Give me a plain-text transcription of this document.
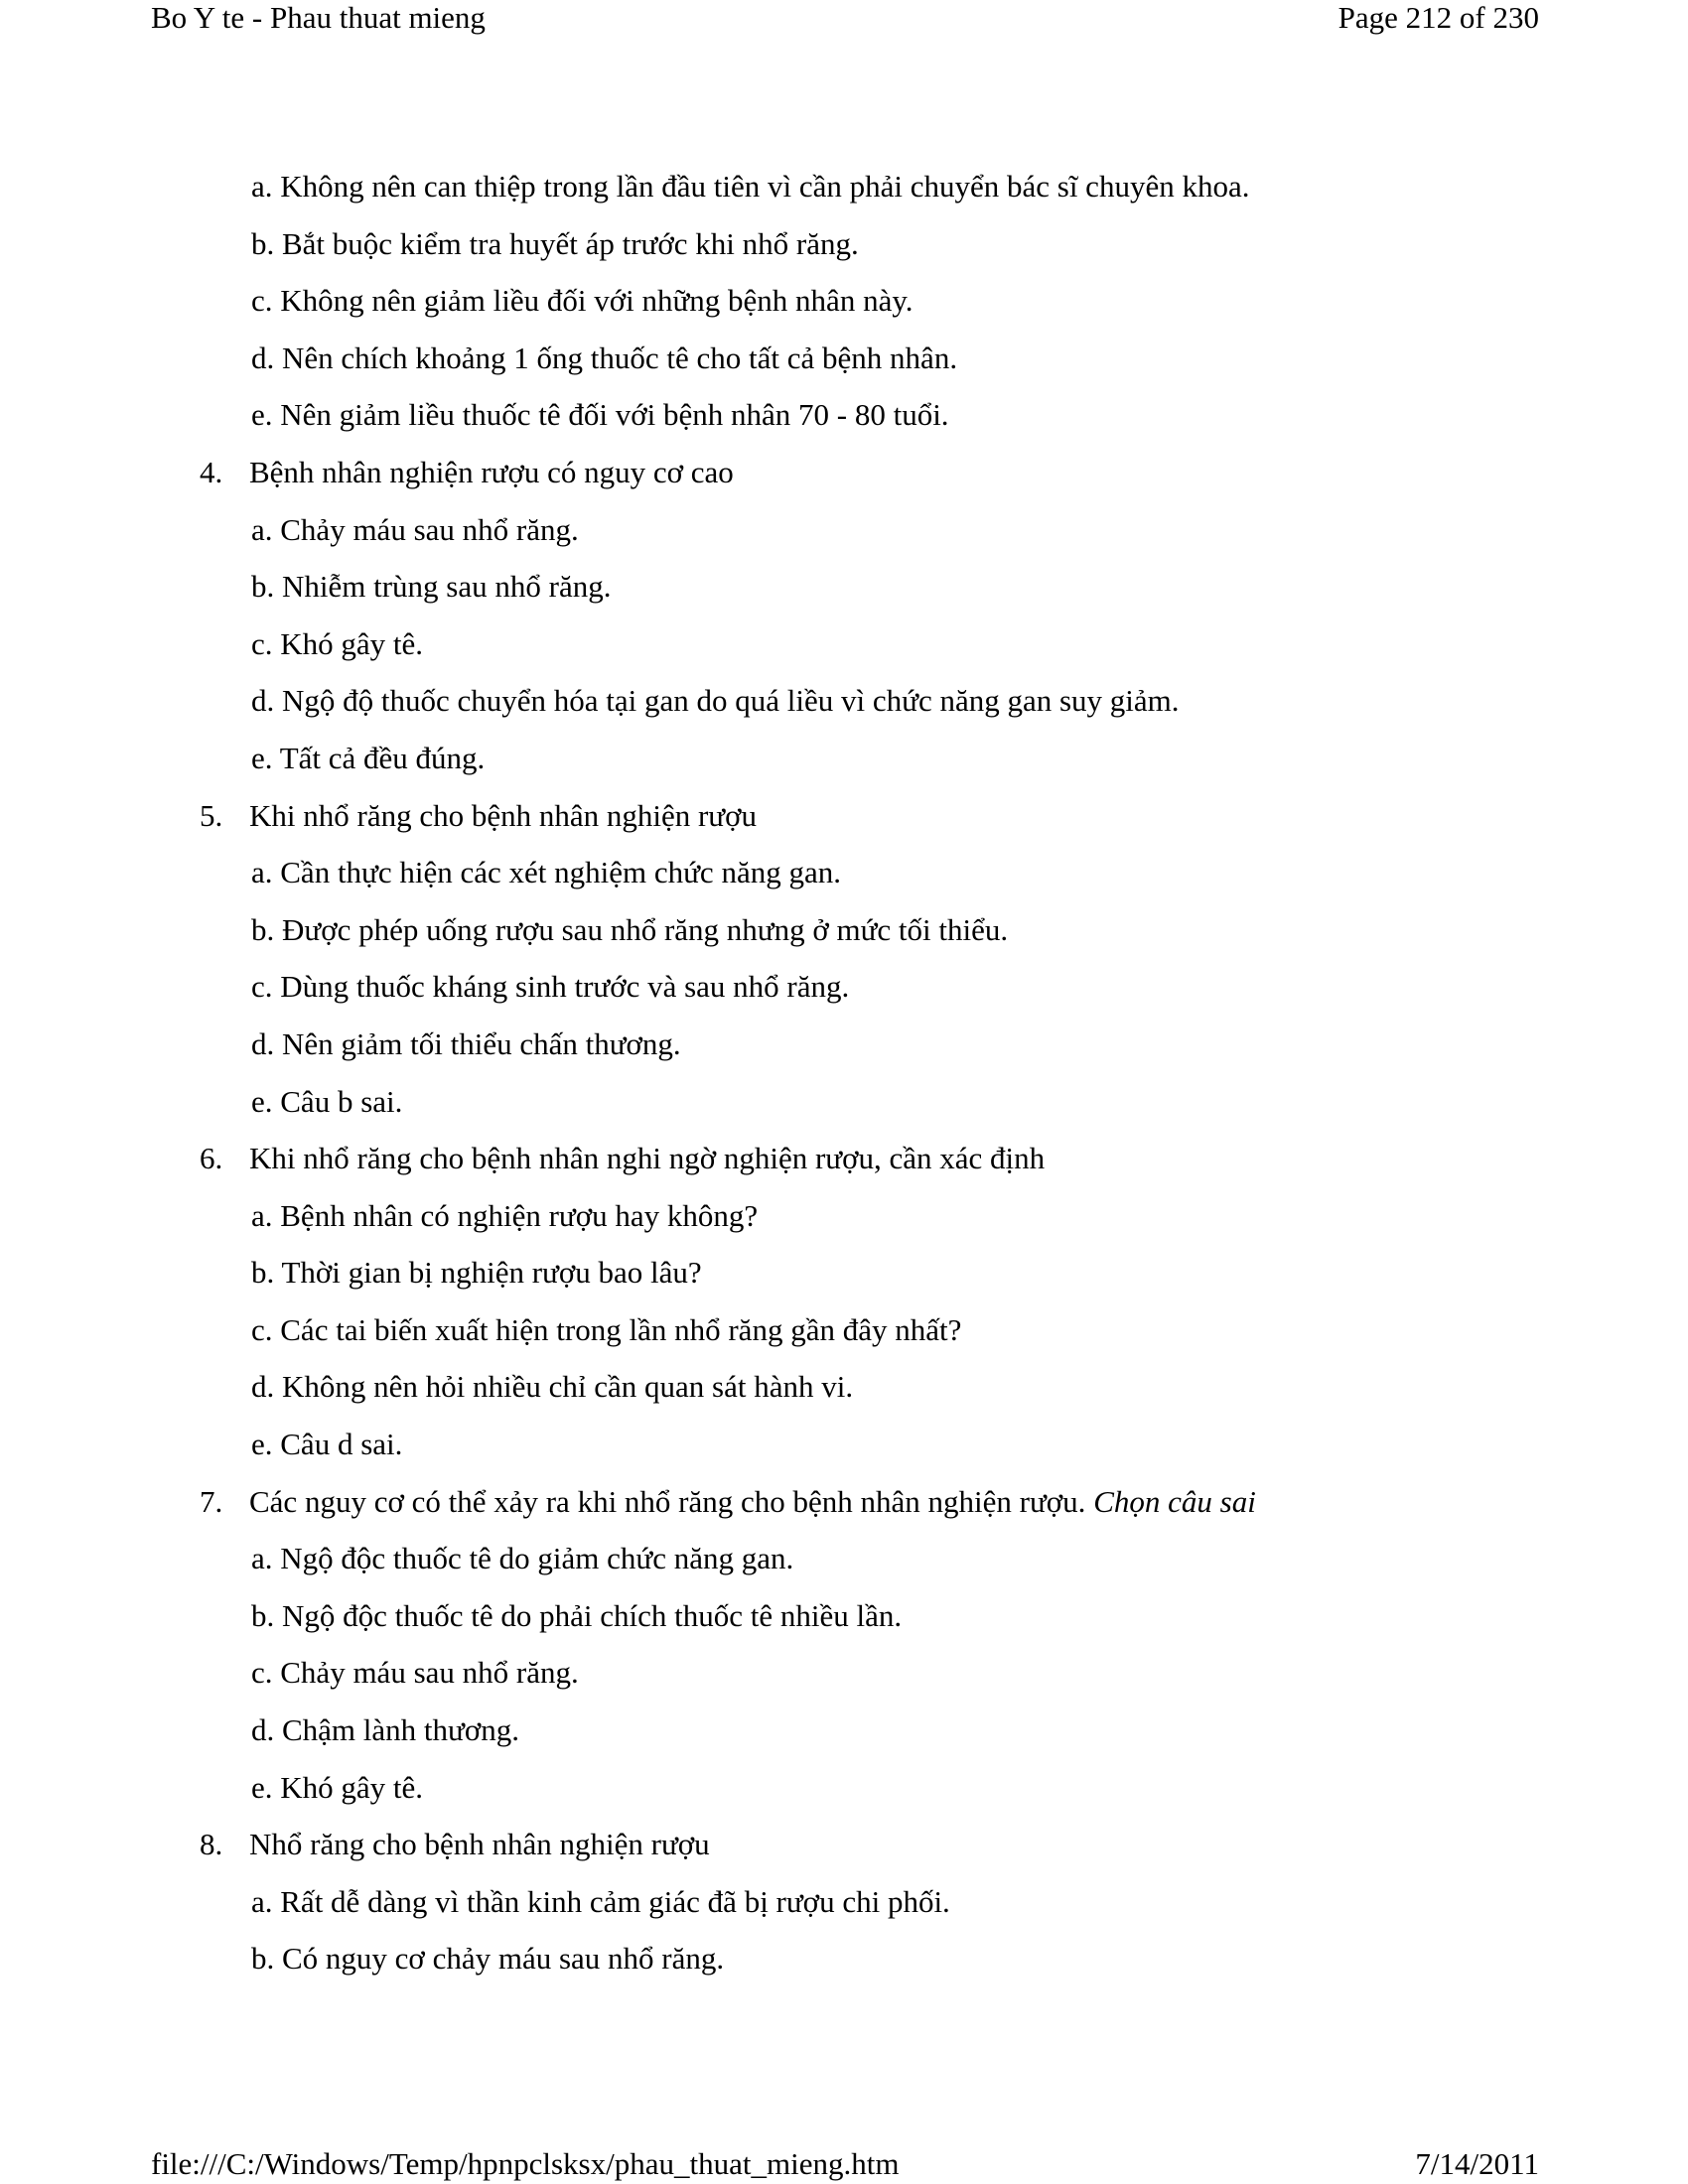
Bo Y te - Phau thuat mieng	Page 212 of 230
a. Không nên can thiệp trong lần đầu tiên vì cần phải chuyển bác sĩ chuyên khoa.
b. Bắt buộc kiểm tra huyết áp trước khi nhổ răng.
c. Không nên giảm liều đối với những bệnh nhân này.
d. Nên chích khoảng 1 ống thuốc tê cho tất cả bệnh nhân.
e. Nên giảm liều thuốc tê đối với bệnh nhân 70 - 80 tuổi.
4. Bệnh nhân nghiện rượu có nguy cơ cao
a. Chảy máu sau nhổ răng.
b. Nhiễm trùng sau nhổ răng.
c. Khó gây tê.
d. Ngộ độ thuốc chuyển hóa tại gan do quá liều vì chức năng gan suy giảm.
e. Tất cả đều đúng.
5. Khi nhổ răng cho bệnh nhân nghiện rượu
a. Cần thực hiện các xét nghiệm chức năng gan.
b. Được phép uống rượu sau nhổ răng nhưng ở mức tối thiểu.
c. Dùng thuốc kháng sinh trước và sau nhổ răng.
d. Nên giảm tối thiểu chấn thương.
e. Câu b sai.
6. Khi nhổ răng cho bệnh nhân nghi ngờ nghiện rượu, cần xác định
a. Bệnh nhân có nghiện rượu hay không?
b. Thời gian bị nghiện rượu bao lâu?
c. Các tai biến xuất hiện trong lần nhổ răng gần đây nhất?
d. Không nên hỏi nhiều chỉ cần quan sát hành vi.
e. Câu d sai.
7. Các nguy cơ có thể xảy ra khi nhổ răng cho bệnh nhân nghiện rượu. Chọn câu sai
a. Ngộ độc thuốc tê do giảm chức năng gan.
b. Ngộ độc thuốc tê do phải chích thuốc tê nhiều lần.
c. Chảy máu sau nhổ răng.
d. Chậm lành thương.
e. Khó gây tê.
8. Nhổ răng cho bệnh nhân nghiện rượu
a. Rất dễ dàng vì thần kinh cảm giác đã bị rượu chi phối.
b. Có nguy cơ chảy máu sau nhổ răng.
file:///C:/Windows/Temp/hpnpclsksx/phau_thuat_mieng.htm	7/14/2011
